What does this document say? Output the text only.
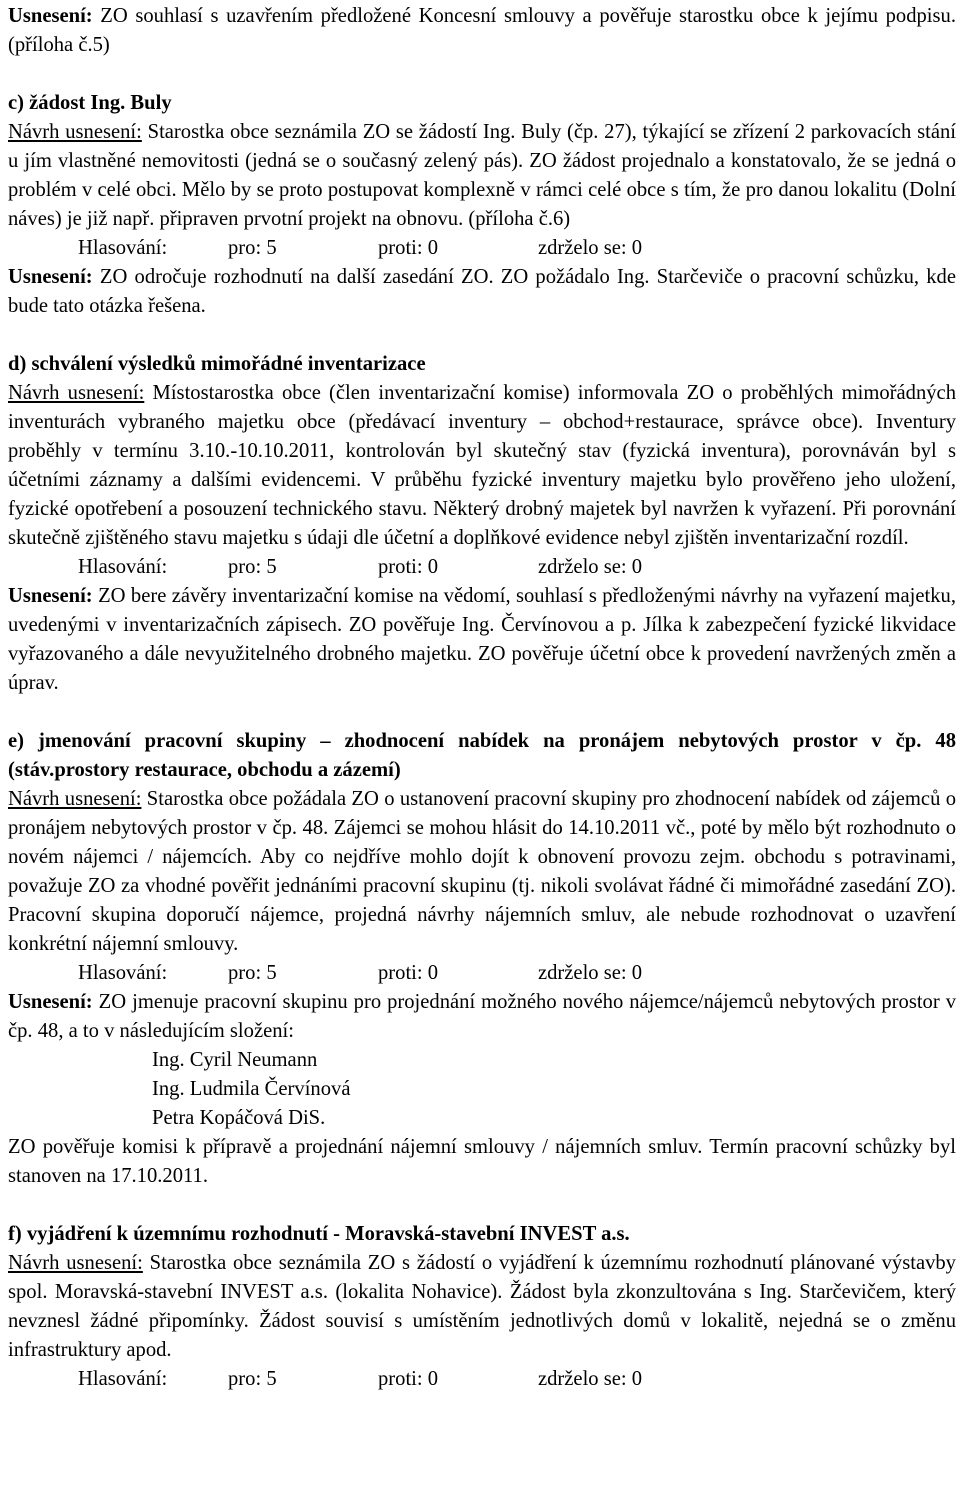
Usnesení: ZO souhlasí s uzavřením předložené Koncesní smlouvy a pověřuje starostku obce k jejímu podpisu. (příloha č.5)

c) žádost Ing. Buly

Návrh usnesení: Starostka obce seznámila ZO se žádostí Ing. Buly (čp. 27), týkající se zřízení 2 parkovacích stání u jím vlastněné nemovitosti (jedná se o současný zelený pás). ZO žádost projednalo a konstatovalo, že se jedná o problém v celé obci. Mělo by se proto postupovat komplexně v rámci celé obce s tím, že pro danou lokalitu (Dolní náves) je již např. připraven prvotní projekt na obnovu. (příloha č.6)

Hlasování:	pro: 5	proti: 0	zdrželo se: 0

Usnesení: ZO odročuje rozhodnutí na další zasedání ZO. ZO požádalo Ing. Starčeviče o pracovní schůzku, kde bude tato otázka řešena.

d) schválení výsledků mimořádné inventarizace

Návrh usnesení: Místostarostka obce (člen inventarizační komise) informovala ZO o proběhlých mimořádných inventurách vybraného majetku obce (předávací inventury – obchod+restaurace, správce obce). Inventury proběhly v termínu 3.10.-10.10.2011, kontrolován byl skutečný stav (fyzická inventura), porovnáván byl s účetními záznamy a dalšími evidencemi. V průběhu fyzické inventury majetku bylo prověřeno jeho uložení, fyzické opotřebení a posouzení technického stavu. Některý drobný majetek byl navržen k vyřazení. Při porovnání skutečně zjištěného stavu majetku s údaji dle účetní a doplňkové evidence nebyl zjištěn inventarizační rozdíl.

Hlasování:	pro: 5	proti: 0	zdrželo se: 0

Usnesení: ZO bere závěry inventarizační komise na vědomí, souhlasí s předloženými návrhy na vyřazení majetku, uvedenými v inventarizačních zápisech. ZO pověřuje Ing. Červínovou a p. Jílka k zabezpečení fyzické likvidace vyřazovaného a dále nevyužitelného drobného majetku. ZO pověřuje účetní obce k provedení navržených změn a úprav.

e) jmenování pracovní skupiny – zhodnocení nabídek na pronájem nebytových prostor v čp. 48 (stáv.prostory restaurace, obchodu a zázemí)

Návrh usnesení: Starostka obce požádala ZO o ustanovení pracovní skupiny pro zhodnocení nabídek od zájemců o pronájem nebytových prostor v čp. 48. Zájemci se mohou hlásit do 14.10.2011 vč., poté by mělo být rozhodnuto o novém nájemci / nájemcích. Aby co nejdříve mohlo dojít k obnovení provozu zejm. obchodu s potravinami, považuje ZO za vhodné pověřit jednáními pracovní skupinu (tj. nikoli svolávat řádné či mimořádné zasedání ZO). Pracovní skupina doporučí nájemce, projedná návrhy nájemních smluv, ale nebude rozhodnovat o uzavření konkrétní nájemní smlouvy.

Hlasování:	pro: 5	proti: 0	zdrželo se: 0

Usnesení: ZO jmenuje pracovní skupinu pro projednání možného nového nájemce/nájemců nebytových prostor v čp. 48, a to v následujícím složení:

Ing. Cyril Neumann
Ing. Ludmila Červínová
Petra Kopáčová DiS.

ZO pověřuje komisi k přípravě a projednání nájemní smlouvy / nájemních smluv. Termín pracovní schůzky byl stanoven na 17.10.2011.

f) vyjádření k územnímu rozhodnutí - Moravská-stavební INVEST a.s.

Návrh usnesení: Starostka obce seznámila ZO s žádostí o vyjádření k územnímu rozhodnutí plánované výstavby spol. Moravská-stavební INVEST a.s. (lokalita Nohavice). Žádost byla zkonzultována s Ing. Starčevičem, který nevznesl žádné připomínky. Žádost souvisí s umístěním jednotlivých domů v lokalitě, nejedná se o změnu infrastruktury apod.

Hlasování:	pro: 5	proti: 0	zdrželo se: 0
